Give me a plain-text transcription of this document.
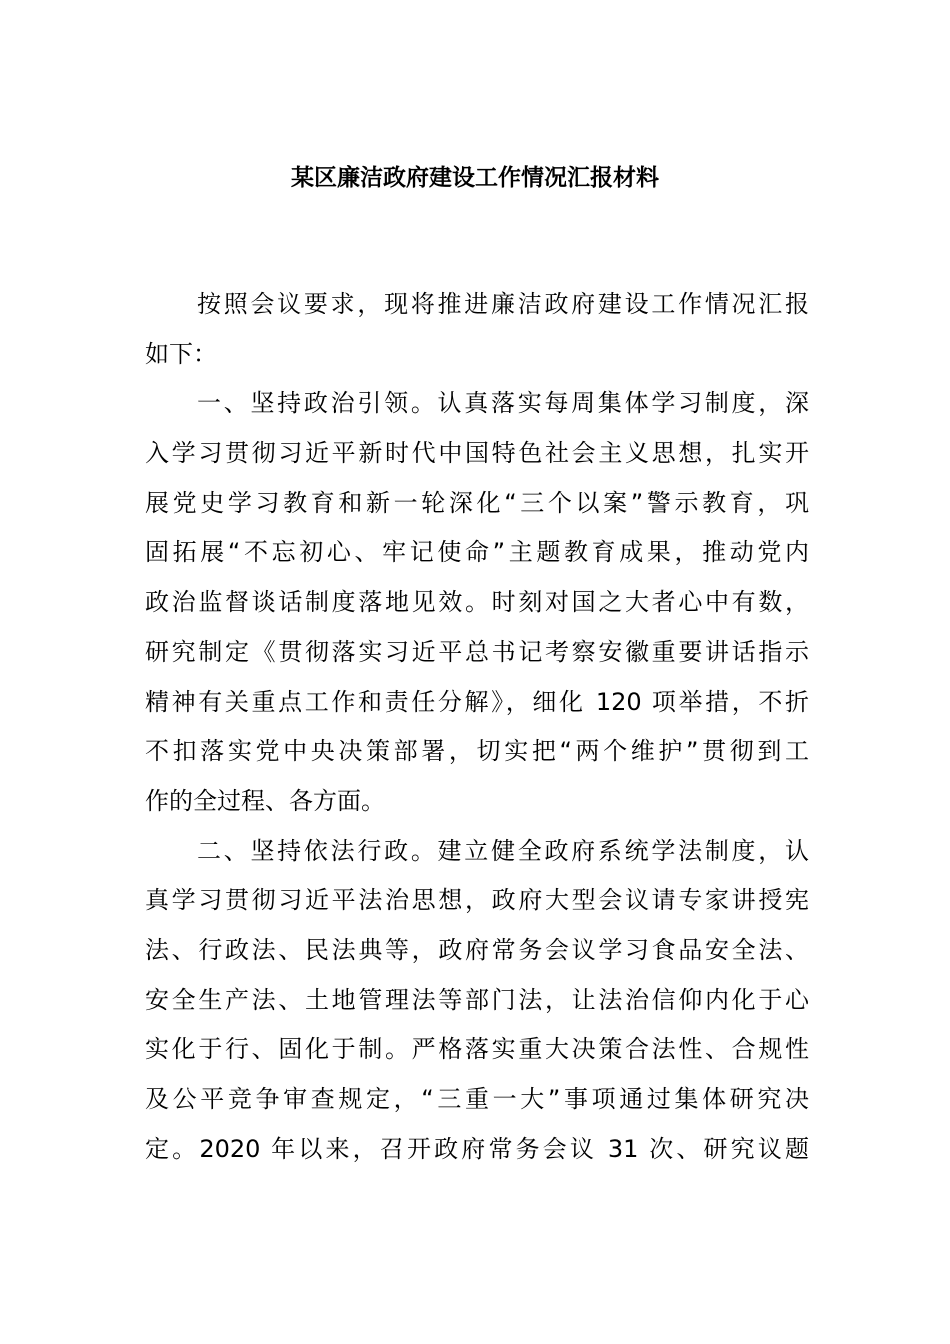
某区廉洁政府建设工作情况汇报材料
按照会议要求，现将推进廉洁政府建设工作情况汇报
如下：
一、坚持政治引领。认真落实每周集体学习制度，深
入学习贯彻习近平新时代中国特色社会主义思想，扎实开
展党史学习教育和新一轮深化“三个以案”警示教育，巩
固拓展“不忘初心、牢记使命”主题教育成果，推动党内
政治监督谈话制度落地见效。时刻对国之大者心中有数，
研究制定《贯彻落实习近平总书记考察安徽重要讲话指示
精神有关重点工作和责任分解》，细化 120 项举措，不折
不扣落实党中央决策部署，切实把“两个维护”贯彻到工
作的全过程、各方面。
二、坚持依法行政。建立健全政府系统学法制度，认
真学习贯彻习近平法治思想，政府大型会议请专家讲授宪
法、行政法、民法典等，政府常务会议学习食品安全法、
安全生产法、土地管理法等部门法，让法治信仰内化于心
实化于行、固化于制。严格落实重大决策合法性、合规性
及公平竞争审查规定，“三重一大”事项通过集体研究决
定。2020 年以来，召开政府常务会议 31 次、研究议题
